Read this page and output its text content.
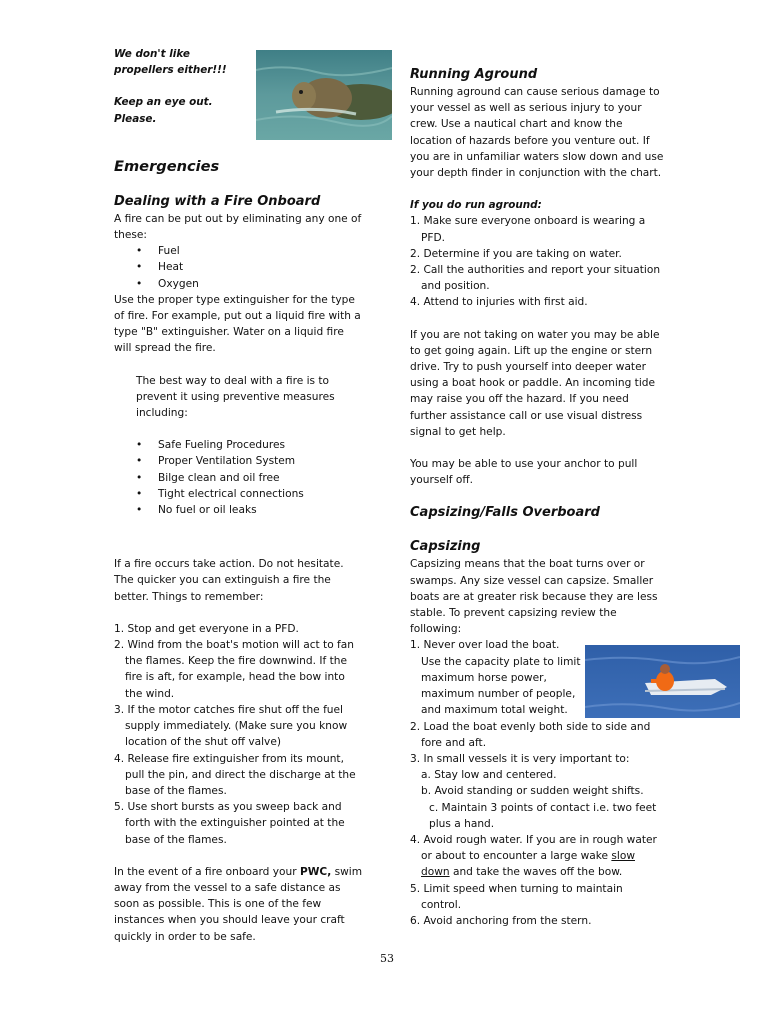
We don't like

propellers either!!!

Keep an eye out.

Please.

Emergencies
Dealing with a Fire Onboard

A fire can be put out by eliminating any one of these:

• Fuel
• Heat
• Oxygen

Use the proper type extinguisher for the type of fire. For example, put out a liquid fire with a type "B" extinguisher. Water on a liquid fire will spread the fire.

The best way to deal with a fire is to prevent it using preventive measures including:

• Safe Fueling Procedures
• Proper Ventilation System
• Bilge clean and oil free
• Tight electrical connections
• No fuel or oil leaks

If a fire occurs take action. Do not hesitate. The quicker you can extinguish a fire the better. Things to remember:

1. Stop and get everyone in a PFD.
2. Wind from the boat's motion will act to fan the flames. Keep the fire downwind. If the fire is aft, for example, head the bow into the wind.
3. If the motor catches fire shut off the fuel supply immediately. (Make sure you know location of the shut off valve)
4. Release fire extinguisher from its mount, pull the pin, and direct the discharge at the base of the flames.
5. Use short bursts as you sweep back and forth with the extinguisher pointed at the base of the flames.

In the event of a fire onboard your PWC, swim away from the vessel to a safe distance as soon as possible. This is one of the few instances when you should leave your craft quickly in order to be safe.

Running Aground

Running aground can cause serious damage to your vessel as well as serious injury to your crew. Use a nautical chart and know the location of hazards before you venture out. If you are in unfamiliar waters slow down and use your depth finder in conjunction with the chart.

If you do run aground:

1. Make sure everyone onboard is wearing a PFD.
2. Determine if you are taking on water.
2. Call the authorities and report your situation and position.
4. Attend to injuries with first aid.

If you are not taking on water you may be able to get going again. Lift up the engine or stern drive. Try to push yourself into deeper water using a boat hook or paddle. An incoming tide may raise you off the hazard. If you need further assistance call or use visual distress signal to get help.

You may be able to use your anchor to pull yourself off.

Capsizing/Falls Overboard
Capsizing

Capsizing means that the boat turns over or swamps. Any size vessel can capsize. Smaller boats are at greater risk because they are less stable. To prevent capsizing review the following:

1. Never over load the boat. Use the capacity plate to limit maximum horse power, maximum number of people, and maximum total weight.
2. Load the boat evenly both side to side and fore and aft.
3. In small vessels it is very important to:
a. Stay low and centered.
b. Avoid standing or sudden weight shifts.
c. Maintain 3 points of contact i.e. two feet plus a hand.
4. Avoid rough water. If you are in rough water or about to encounter a large wake slow down and take the waves off the bow.
5. Limit speed when turning to maintain control.
6. Avoid anchoring from the stern.
53
